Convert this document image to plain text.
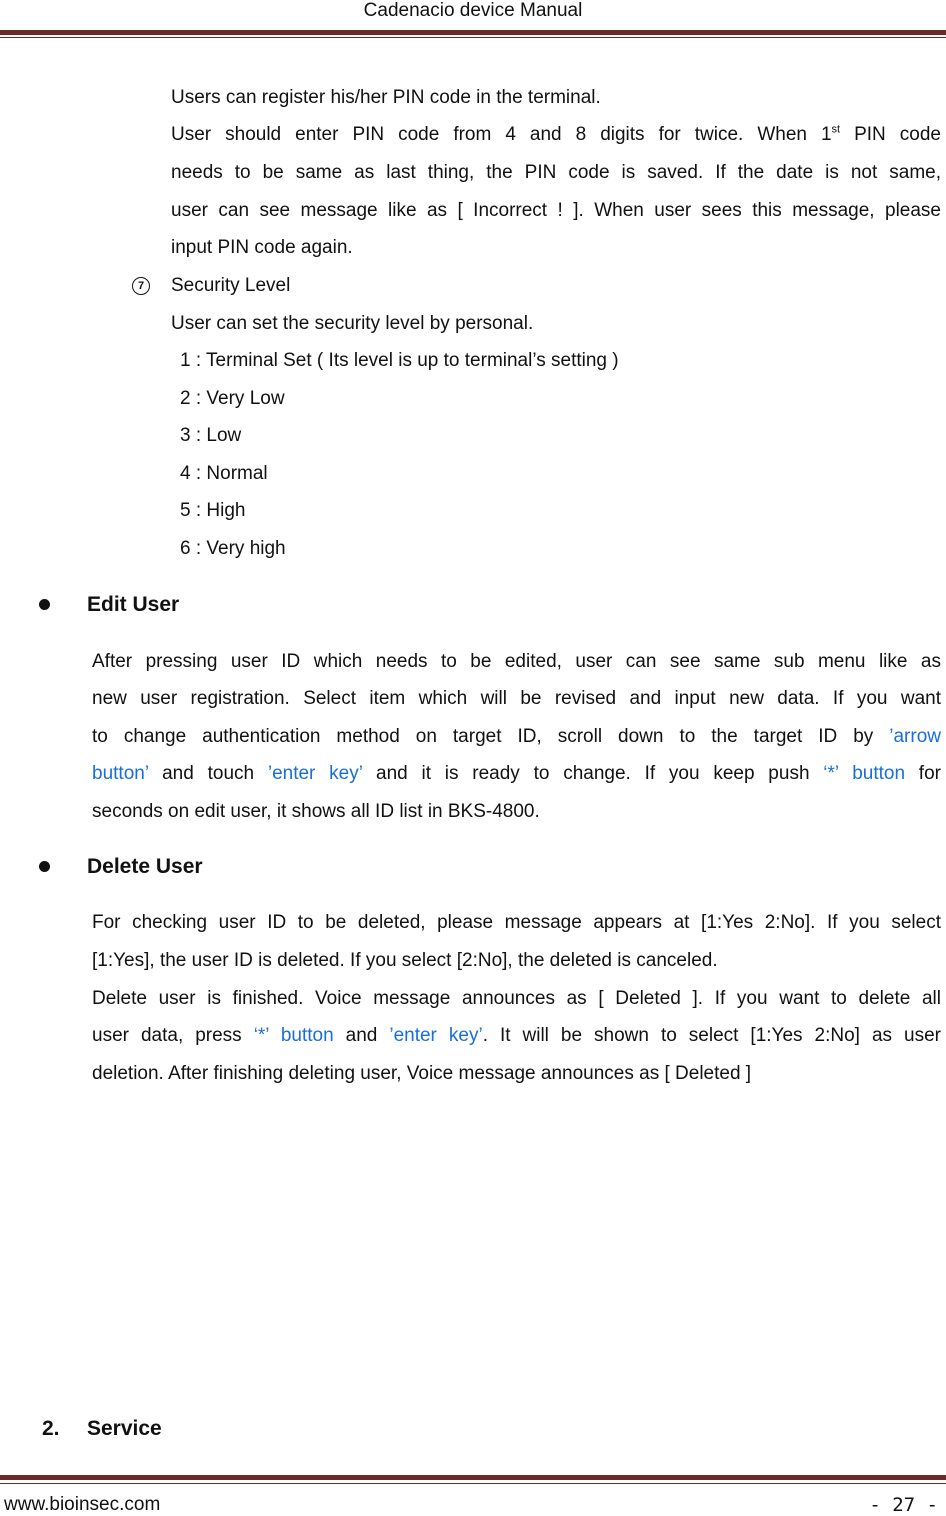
Cadenacio device Manual
Users can register his/her PIN code in the terminal.
User should enter PIN code from 4 and 8 digits for twice. When 1st PIN code
needs to be same as last thing, the PIN code is saved. If the date is not same,
user can see message like as [ Incorrect ! ]. When user sees this message, please
input PIN code again.
7	Security Level
User can set the security level by personal.
1 : Terminal Set ( Its level is up to terminal’s setting )
2 : Very Low
3 : Low
4 : Normal
5 : High
6 : Very high
Edit User
After pressing user ID which needs to be edited, user can see same sub menu like as
new user registration. Select item which will be revised and input new data. If you want
to change authentication method on target ID, scroll down to the target ID by ’arrow
button’ and touch ’enter key’ and it is ready to change. If you keep push ‘*’ button for
seconds on edit user, it shows all ID list in BKS-4800.
Delete User
For checking user ID to be deleted, please message appears at [1:Yes 2:No]. If you select
[1:Yes], the user ID is deleted. If you select [2:No], the deleted is canceled.
Delete user is finished. Voice message announces as [ Deleted ]. If you want to delete all
user data, press ‘*’ button and ’enter key’. It will be shown to select [1:Yes 2:No] as user
deletion. After finishing deleting user, Voice message announces as [ Deleted ]
2. Service
www.bioinsec.com	- 27 -
